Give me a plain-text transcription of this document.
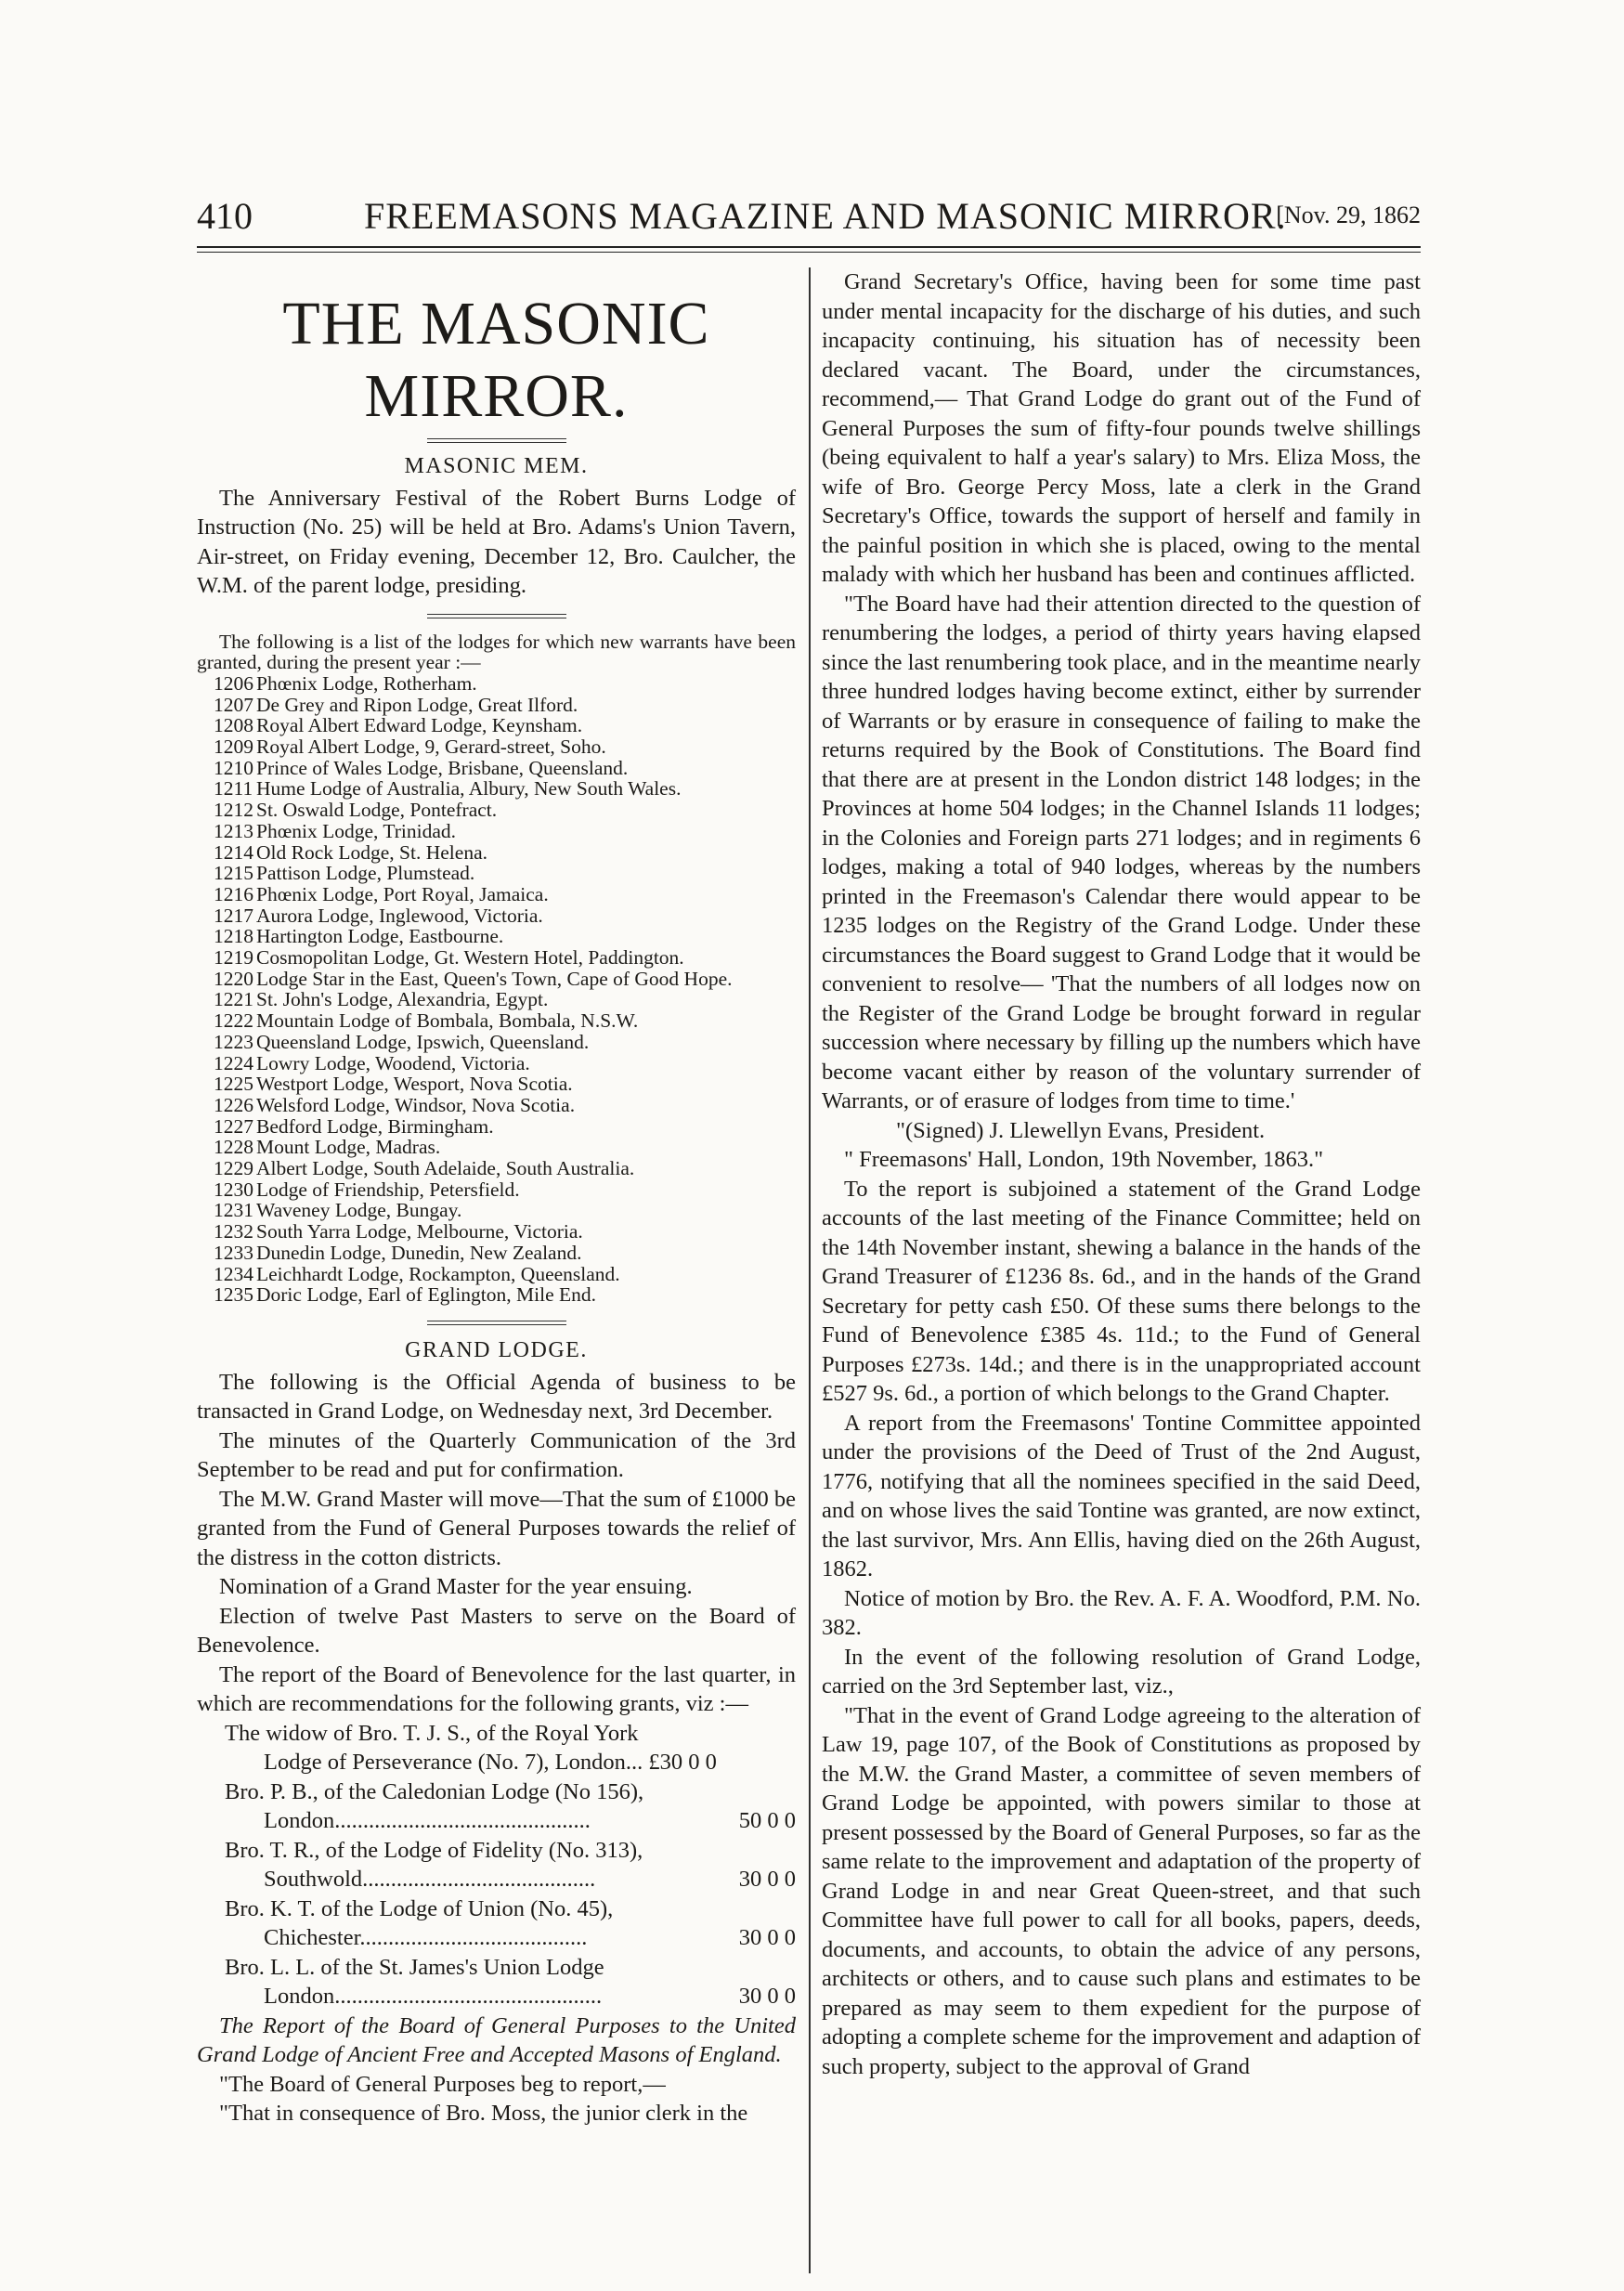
410	FREEMASONS MAGAZINE AND MASONIC MIRROR.
[Nov. 29, 1862
THE MASONIC MIRROR.
MASONIC MEM.

The Anniversary Festival of the Robert Burns Lodge of Instruction (No. 25) will be held at Bro. Adams's Union Tavern, Air-street, on Friday evening, December 12, Bro. Caulcher, the W.M. of the parent lodge, presiding.

The following is a list of the lodges for which new warrants have been granted, during the present year :—

1206 Phœnix Lodge, Rotherham.
1207 De Grey and Ripon Lodge, Great Ilford.
1208 Royal Albert Edward Lodge, Keynsham.
1209 Royal Albert Lodge, 9, Gerard-street, Soho.
1210 Prince of Wales Lodge, Brisbane, Queensland.
1211 Hume Lodge of Australia, Albury, New South Wales.
1212 St. Oswald Lodge, Pontefract.
1213 Phœnix Lodge, Trinidad.
1214 Old Rock Lodge, St. Helena.
1215 Pattison Lodge, Plumstead.
1216 Phœnix Lodge, Port Royal, Jamaica.
1217 Aurora Lodge, Inglewood, Victoria.
1218 Hartington Lodge, Eastbourne.
1219 Cosmopolitan Lodge, Gt. Western Hotel, Paddington.
1220 Lodge Star in the East, Queen's Town, Cape of Good Hope.
1221 St. John's Lodge, Alexandria, Egypt.
1222 Mountain Lodge of Bombala, Bombala, N.S.W.
1223 Queensland Lodge, Ipswich, Queensland.
1224 Lowry Lodge, Woodend, Victoria.
1225 Westport Lodge, Wesport, Nova Scotia.
1226 Welsford Lodge, Windsor, Nova Scotia.
1227 Bedford Lodge, Birmingham.
1228 Mount Lodge, Madras.
1229 Albert Lodge, South Adelaide, South Australia.
1230 Lodge of Friendship, Petersfield.
1231 Waveney Lodge, Bungay.
1232 South Yarra Lodge, Melbourne, Victoria.
1233 Dunedin Lodge, Dunedin, New Zealand.
1234 Leichhardt Lodge, Rockampton, Queensland.
1235 Doric Lodge, Earl of Eglington, Mile End.
GRAND LODGE.

The following is the Official Agenda of business to be transacted in Grand Lodge, on Wednesday next, 3rd December.

The minutes of the Quarterly Communication of the 3rd September to be read and put for confirmation.

The M.W. Grand Master will move—That the sum of £1000 be granted from the Fund of General Purposes towards the relief of the distress in the cotton districts.

Nomination of a Grand Master for the year ensuing.

Election of twelve Past Masters to serve on the Board of Benevolence.

The report of the Board of Benevolence for the last quarter, in which are recommendations for the following grants, viz :—

The widow of Bro. T. J. S., of the Royal York
Lodge of Perseverance (No. 7), London... £30 0 0
Bro. P. B., of the Caledonian Lodge (No 156),
London.............................................	50 0 0
Bro. T. R., of the Lodge of Fidelity (No. 313),
Southwold.........................................	30 0 0
Bro. K. T. of the Lodge of Union (No. 45),
Chichester........................................	30 0 0
Bro. L. L. of the St. James's Union Lodge
London...............................................	30 0 0

The Report of the Board of General Purposes to the United Grand Lodge of Ancient Free and Accepted Masons of England.

"The Board of General Purposes beg to report,—

"That in consequence of Bro. Moss, the junior clerk in the

Grand Secretary's Office, having been for some time past under mental incapacity for the discharge of his duties, and such incapacity continuing, his situation has of necessity been declared vacant. The Board, under the circumstances, recommend,— That Grand Lodge do grant out of the Fund of General Purposes the sum of fifty-four pounds twelve shillings (being equivalent to half a year's salary) to Mrs. Eliza Moss, the wife of Bro. George Percy Moss, late a clerk in the Grand Secretary's Office, towards the support of herself and family in the painful position in which she is placed, owing to the mental malady with which her husband has been and continues afflicted.

"The Board have had their attention directed to the question of renumbering the lodges, a period of thirty years having elapsed since the last renumbering took place, and in the meantime nearly three hundred lodges having become extinct, either by surrender of Warrants or by erasure in consequence of failing to make the returns required by the Book of Constitutions. The Board find that there are at present in the London district 148 lodges; in the Provinces at home 504 lodges; in the Channel Islands 11 lodges; in the Colonies and Foreign parts 271 lodges; and in regiments 6 lodges, making a total of 940 lodges, whereas by the numbers printed in the Freemason's Calendar there would appear to be 1235 lodges on the Registry of the Grand Lodge. Under these circumstances the Board suggest to Grand Lodge that it would be convenient to resolve— 'That the numbers of all lodges now on the Register of the Grand Lodge be brought forward in regular succession where necessary by filling up the numbers which have become vacant either by reason of the voluntary surrender of Warrants, or of erasure of lodges from time to time.'

"(Signed) J. Llewellyn Evans, President.

" Freemasons' Hall, London, 19th November, 1863."

To the report is subjoined a statement of the Grand Lodge accounts of the last meeting of the Finance Committee; held on the 14th November instant, shewing a balance in the hands of the Grand Treasurer of £1236 8s. 6d., and in the hands of the Grand Secretary for petty cash £50. Of these sums there belongs to the Fund of Benevolence £385 4s. 11d.; to the Fund of General Purposes £273s. 14d.; and there is in the unappropriated account £527 9s. 6d., a portion of which belongs to the Grand Chapter.

A report from the Freemasons' Tontine Committee appointed under the provisions of the Deed of Trust of the 2nd August, 1776, notifying that all the nominees specified in the said Deed, and on whose lives the said Tontine was granted, are now extinct, the last survivor, Mrs. Ann Ellis, having died on the 26th August, 1862.

Notice of motion by Bro. the Rev. A. F. A. Woodford, P.M. No. 382.

In the event of the following resolution of Grand Lodge, carried on the 3rd September last, viz.,

"That in the event of Grand Lodge agreeing to the alteration of Law 19, page 107, of the Book of Constitutions as proposed by the M.W. the Grand Master, a committee of seven members of Grand Lodge be appointed, with powers similar to those at present possessed by the Board of General Purposes, so far as the same relate to the improvement and adaptation of the property of Grand Lodge in and near Great Queen-street, and that such Committee have full power to call for all books, papers, deeds, documents, and accounts, to obtain the advice of any persons, architects or others, and to cause such plans and estimates to be prepared as may seem to them expedient for the purpose of adopting a complete scheme for the improvement and adaption of such property, subject to the approval of Grand
